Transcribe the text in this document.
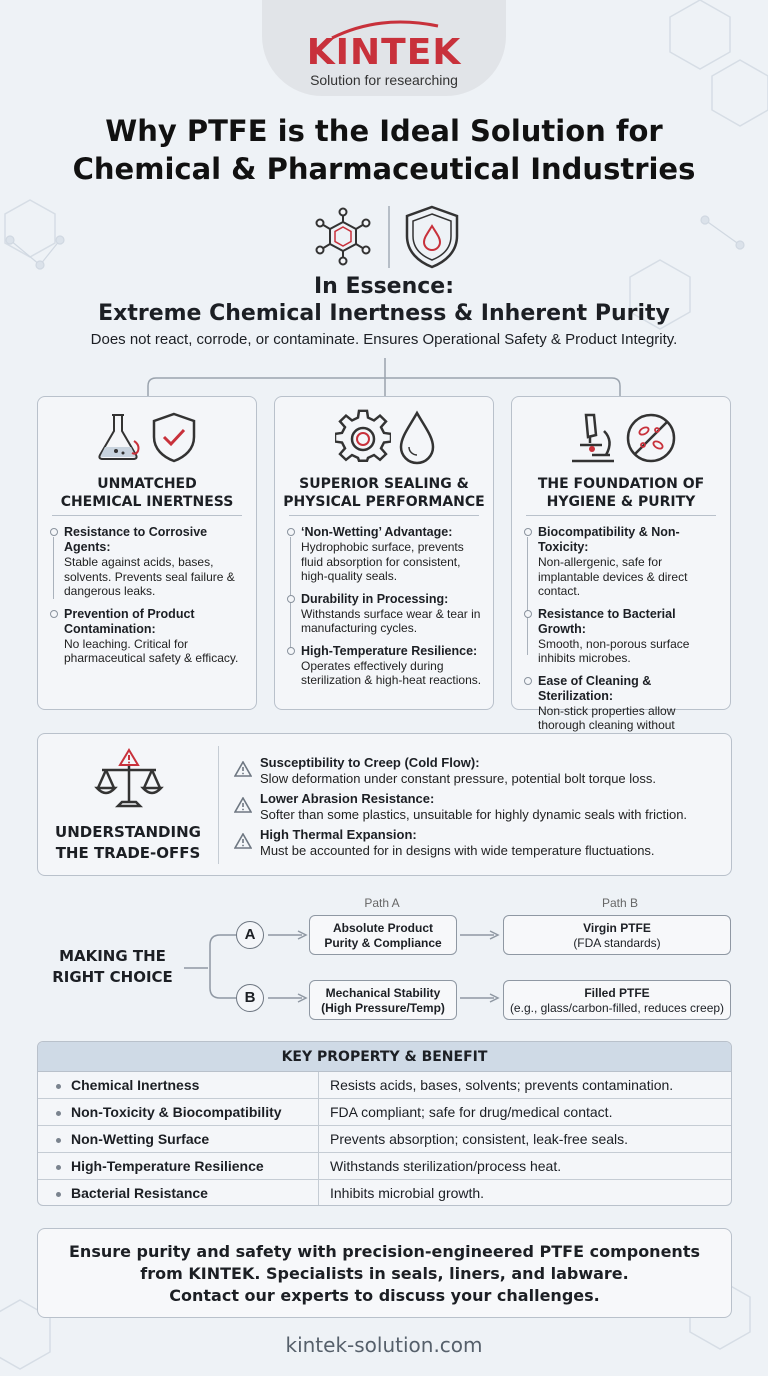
KINTEK
Solution for researching
Why PTFE is the Ideal Solution for
Chemical & Pharmaceutical Industries
In Essence:
Extreme Chemical Inertness & Inherent Purity
Does not react, corrode, or contaminate. Ensures Operational Safety & Product Integrity.
UNMATCHED
CHEMICAL INERTNESS
Resistance to Corrosive Agents:
Stable against acids, bases,
solvents. Prevents seal failure &
dangerous leaks.
Prevention of Product
Contamination:
No leaching. Critical for
pharmaceutical safety & efficacy.
SUPERIOR SEALING &
PHYSICAL PERFORMANCE
‘Non-Wetting’ Advantage:
Hydrophobic surface, prevents
fluid absorption for consistent,
high-quality seals.
Durability in Processing:
Withstands surface wear & tear in
manufacturing cycles.
High-Temperature Resilience:
Operates effectively during
sterilization & high-heat reactions.
THE FOUNDATION OF
HYGIENE & PURITY
Biocompatibility & Non-Toxicity:
Non-allergenic, safe for
implantable devices & direct
contact.
Resistance to Bacterial Growth:
Smooth, non-porous surface
inhibits microbes.
Ease of Cleaning & Sterilization:
Non-stick properties allow
thorough cleaning without
UNDERSTANDING
THE TRADE-OFFS
Susceptibility to Creep (Cold Flow):
Slow deformation under constant pressure, potential bolt torque loss.
Lower Abrasion Resistance:
Softer than some plastics, unsuitable for highly dynamic seals with friction.
High Thermal Expansion:
Must be accounted for in designs with wide temperature fluctuations.
MAKING THE
RIGHT CHOICE
Path A	Path B
A
B
Absolute Product
Purity & Compliance
Mechanical Stability
(High Pressure/Temp)
Virgin PTFE
(FDA standards)
Filled PTFE
(e.g., glass/carbon-filled, reduces creep)
KEY PROPERTY & BENEFIT
Chemical Inertness	Resists acids, bases, solvents; prevents contamination.
Non-Toxicity & Biocompatibility	FDA compliant; safe for drug/medical contact.
Non-Wetting Surface	Prevents absorption; consistent, leak-free seals.
High-Temperature Resilience	Withstands sterilization/process heat.
Bacterial Resistance	Inhibits microbial growth.
Ensure purity and safety with precision-engineered PTFE components
from KINTEK. Specialists in seals, liners, and labware.
Contact our experts to discuss your challenges.
kintek-solution.com
